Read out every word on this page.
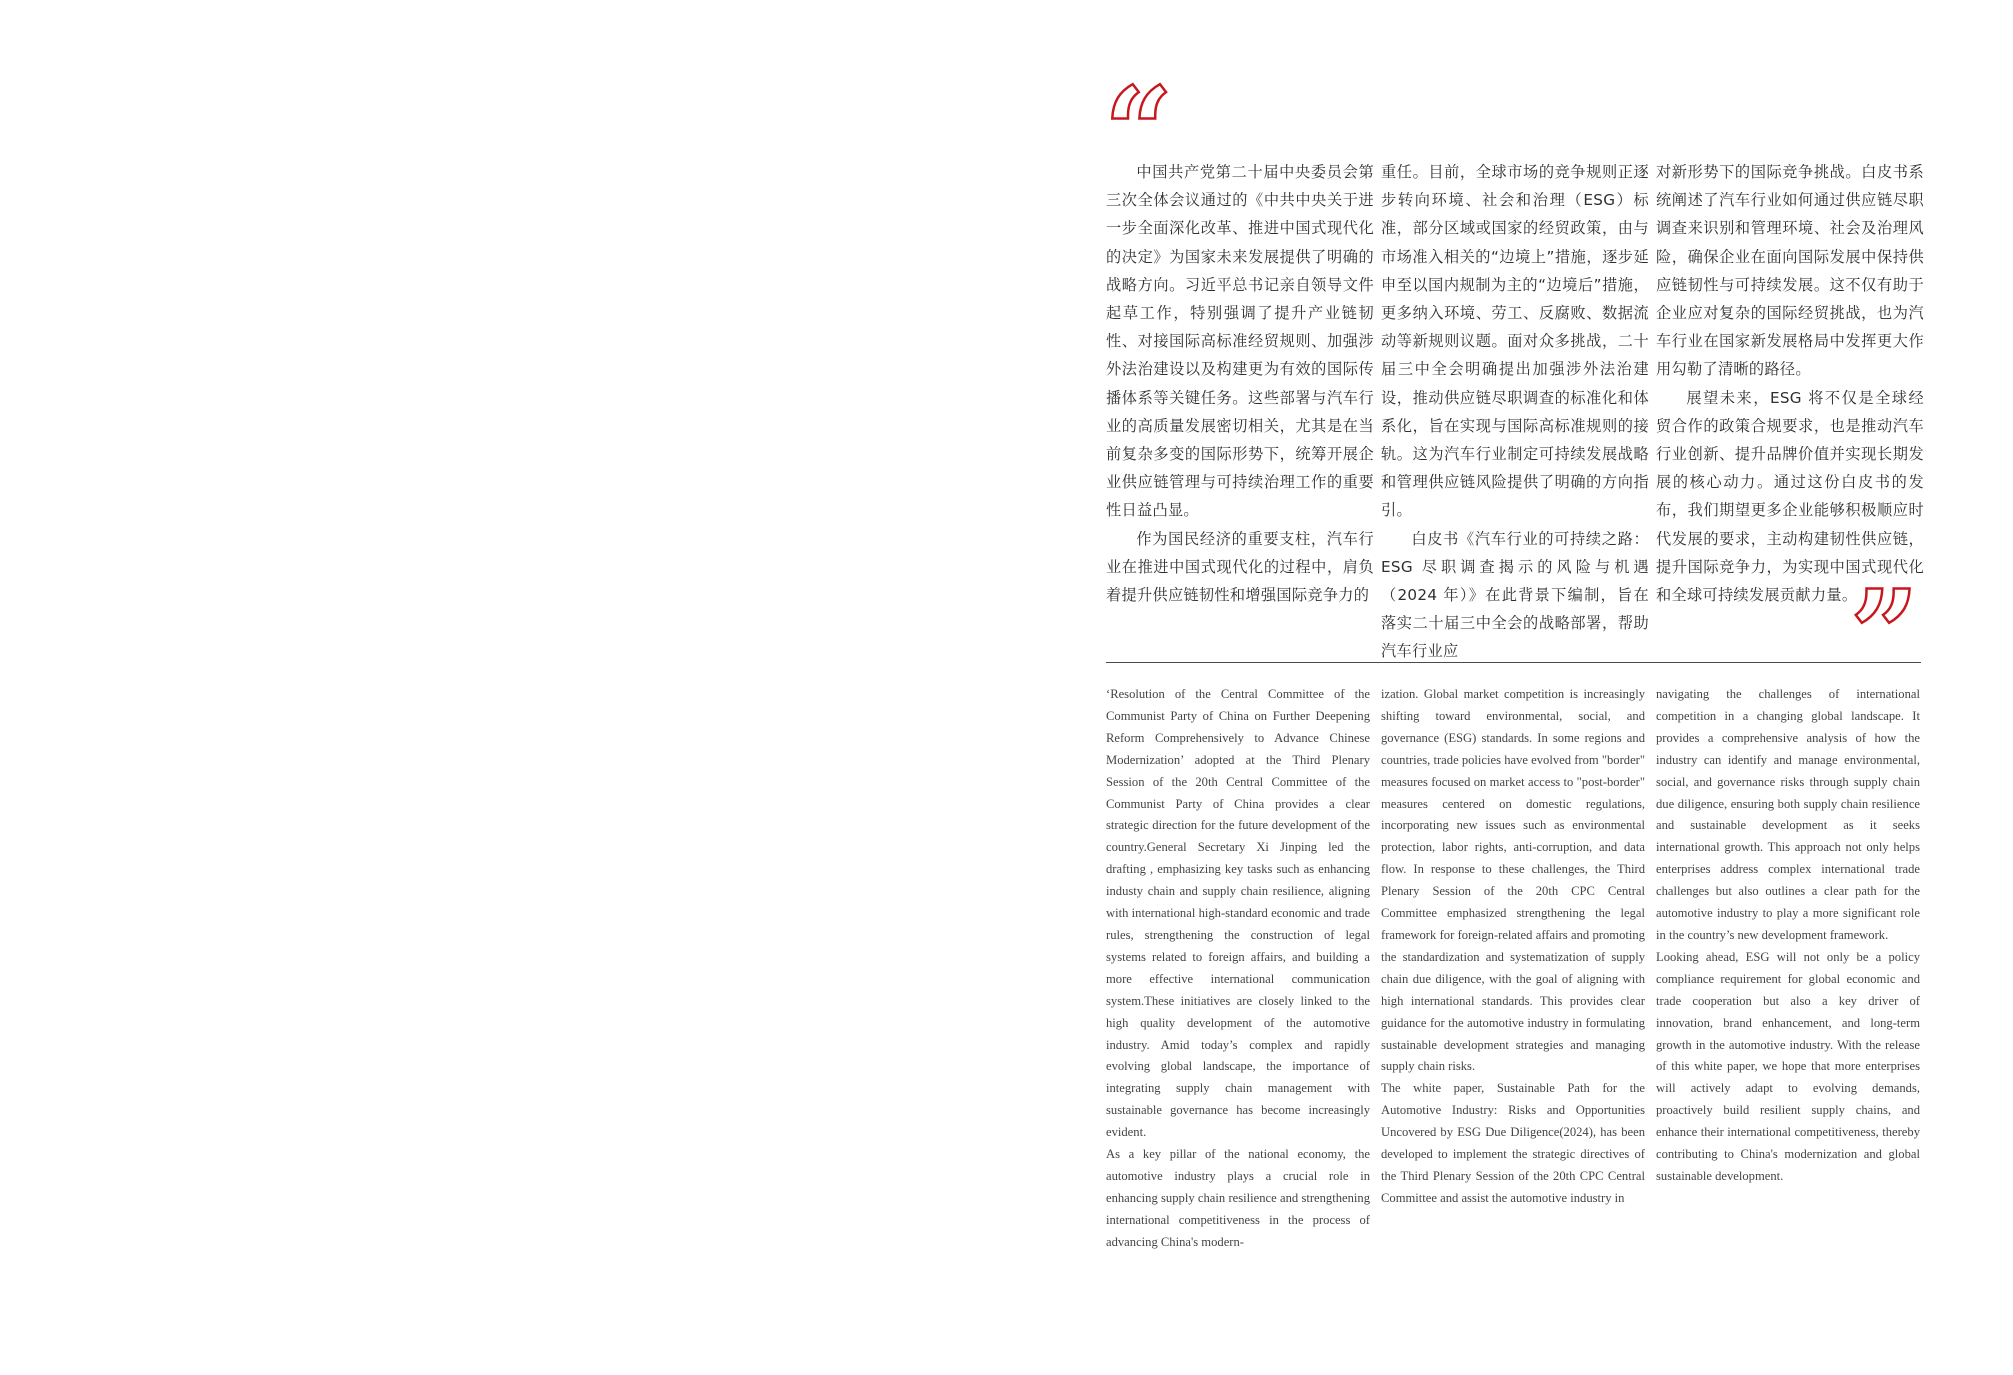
“

中国共产党第二十届中央委员会第三次全体会议通过的《中共中央关于进一步全面深化改革、推进中国式现代化的决定》为国家未来发展提供了明确的战略方向。习近平总书记亲自领导文件起草工作，特别强调了提升产业链韧性、对接国际高标准经贸规则、加强涉外法治建设以及构建更为有效的国际传播体系等关键任务。这些部署与汽车行业的高质量发展密切相关，尤其是在当前复杂多变的国际形势下，统筹开展企业供应链管理与可持续治理工作的重要性日益凸显。

作为国民经济的重要支柱，汽车行业在推进中国式现代化的过程中，肩负着提升供应链韧性和增强国际竞争力的

重任。目前，全球市场的竞争规则正逐步转向环境、社会和治理（ESG）标准，部分区域或国家的经贸政策，由与市场准入相关的“边境上”措施，逐步延申至以国内规制为主的“边境后”措施，更多纳入环境、劳工、反腐败、数据流动等新规则议题。面对众多挑战，二十届三中全会明确提出加强涉外法治建设，推动供应链尽职调查的标准化和体系化，旨在实现与国际高标准规则的接轨。这为汽车行业制定可持续发展战略和管理供应链风险提供了明确的方向指引。

白皮书《汽车行业的可持续之路：ESG 尽职调查揭示的风险与机遇（2024 年）》在此背景下编制，旨在落实二十届三中全会的战略部署，帮助汽车行业应

对新形势下的国际竞争挑战。白皮书系统阐述了汽车行业如何通过供应链尽职调查来识别和管理环境、社会及治理风险，确保企业在面向国际发展中保持供应链韧性与可持续发展。这不仅有助于企业应对复杂的国际经贸挑战，也为汽车行业在国家新发展格局中发挥更大作用勾勒了清晰的路径。

展望未来，ESG 将不仅是全球经贸合作的政策合规要求，也是推动汽车行业创新、提升品牌价值并实现长期发展的核心动力。通过这份白皮书的发布，我们期望更多企业能够积极顺应时代发展的要求，主动构建韧性供应链，提升国际竞争力，为实现中国式现代化和全球可持续发展贡献力量。

”

‘Resolution of the Central Committee of the Communist Party of China on Further Deepening Reform Comprehensively to Advance Chinese Modernization’ adopted at the Third Plenary Session of the 20th Central Committee of the Communist Party of China provides a clear strategic direction for the future development of the country.General Secretary Xi Jinping led the drafting , emphasizing key tasks such as enhancing industy chain and supply chain resilience, aligning with international high-standard economic and trade rules, strengthening the construction of legal systems related to foreign affairs, and building a more effective international communication system.These initiatives are closely linked to the high quality development of the automotive industry. Amid today’s complex and rapidly evolving global landscape, the importance of integrating supply chain management with sustainable governance has become increasingly evident.

As a key pillar of the national economy, the automotive industry plays a crucial role in enhancing supply chain resilience and strengthening international competitiveness in the process of advancing China's modern-

ization. Global market competition is increasingly shifting toward environmental, social, and governance (ESG) standards. In some regions and countries, trade policies have evolved from "border" measures focused on market access to "post-border" measures centered on domestic regulations, incorporating new issues such as environmental protection, labor rights, anti-corruption, and data flow. In response to these challenges, the Third Plenary Session of the 20th CPC Central Committee emphasized strengthening the legal framework for foreign-related affairs and promoting the standardization and systematization of supply chain due diligence, with the goal of aligning with high international standards. This provides clear guidance for the automotive industry in formulating sustainable development strategies and managing supply chain risks.

The white paper, Sustainable Path for the Automotive Industry: Risks and Opportunities Uncovered by ESG Due Diligence(2024), has been developed to implement the strategic directives of the Third Plenary Session of the 20th CPC Central Committee and assist the automotive industry in

navigating the challenges of international competition in a changing global landscape. It provides a comprehensive analysis of how the industry can identify and manage environmental, social, and governance risks through supply chain due diligence, ensuring both supply chain resilience and sustainable development as it seeks international growth. This approach not only helps enterprises address complex international trade challenges but also outlines a clear path for the automotive industry to play a more significant role in the country’s new development framework.

Looking ahead, ESG will not only be a policy compliance requirement for global economic and trade cooperation but also a key driver of innovation, brand enhancement, and long-term growth in the automotive industry. With the release of this white paper, we hope that more enterprises will actively adapt to evolving demands, proactively build resilient supply chains, and enhance their international competitiveness, thereby contributing to China's modernization and global sustainable development.
